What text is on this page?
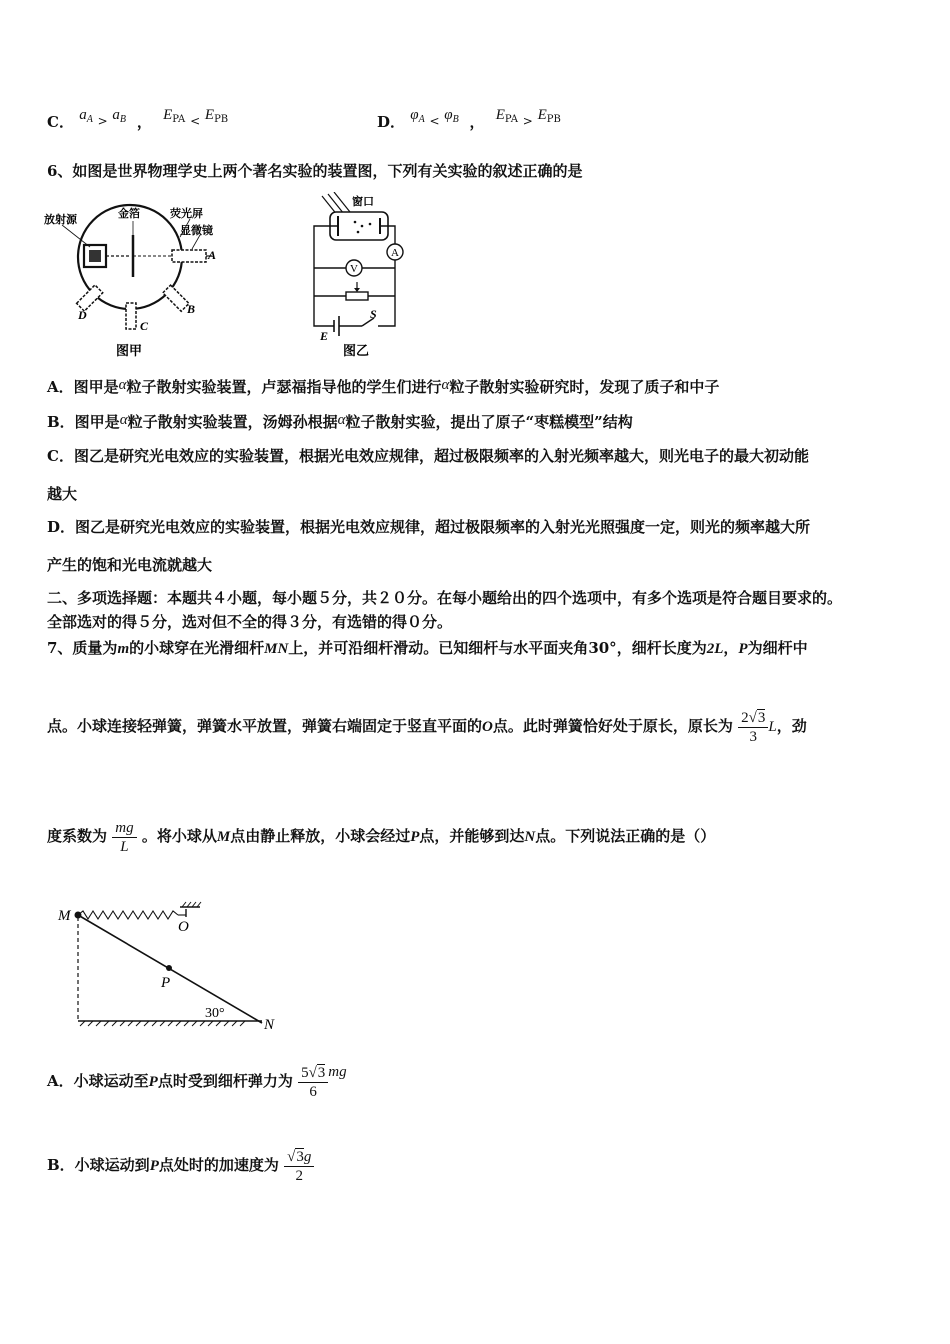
C． $a_A$ $_>$ $a_B$ ， $E_{PA}$ $_<$ $E_{PB}$	D． $\varphi_A$ $_<$ $\varphi_B$ ， $E_{PA}$ $_>$ $E_{PB}$
6、如图是世界物理学史上两个著名实验的装置图，下列有关实验的叙述正确的是
放射源	金箔	荧光屏
显微镜
A
B
C
D
图甲
窗口
A
V
E
S
图乙
A．图甲是α粒子散射实验装置，卢瑟福指导他的学生们进行α粒子散射实验研究时，发现了质子和中子
B．图甲是α粒子散射实验装置，汤姆孙根据α粒子散射实验，提出了原子“枣糕模型”结构
C．图乙是研究光电效应的实验装置，根据光电效应规律，超过极限频率的入射光频率越大，则光电子的最大初动能
越大
D．图乙是研究光电效应的实验装置，根据光电效应规律，超过极限频率的入射光光照强度一定，则光的频率越大所
产生的饱和光电流就越大
二、多项选择题：本题共４小题，每小题５分，共２０分。在每小题给出的四个选项中，有多个选项是符合题目要求的。
全部选对的得５分，选对但不全的得３分，有选错的得０分。
7、质量为m的小球穿在光滑细杆MN上，并可沿细杆滑动。已知细杆与水平面夹角30°，细杆长度为2L，P为细杆中
点。小球连接轻弹簧，弹簧水平放置，弹簧右端固定于竖直平面的O点。此时弹簧恰好处于原长，原长为 $\frac{2√3}{3}$ L，劲
度系数为 $\frac{mg}{L}$ 。将小球从M点由静止释放，小球会经过P点，并能够到达N点。下列说法正确的是（）
M
O
P
N
30°
A．小球运动至P点时受到细杆弹力为 $\frac{5√3}{6}$ mg
B．小球运动到P点处时的加速度为 $\frac{√3g}{2}$
